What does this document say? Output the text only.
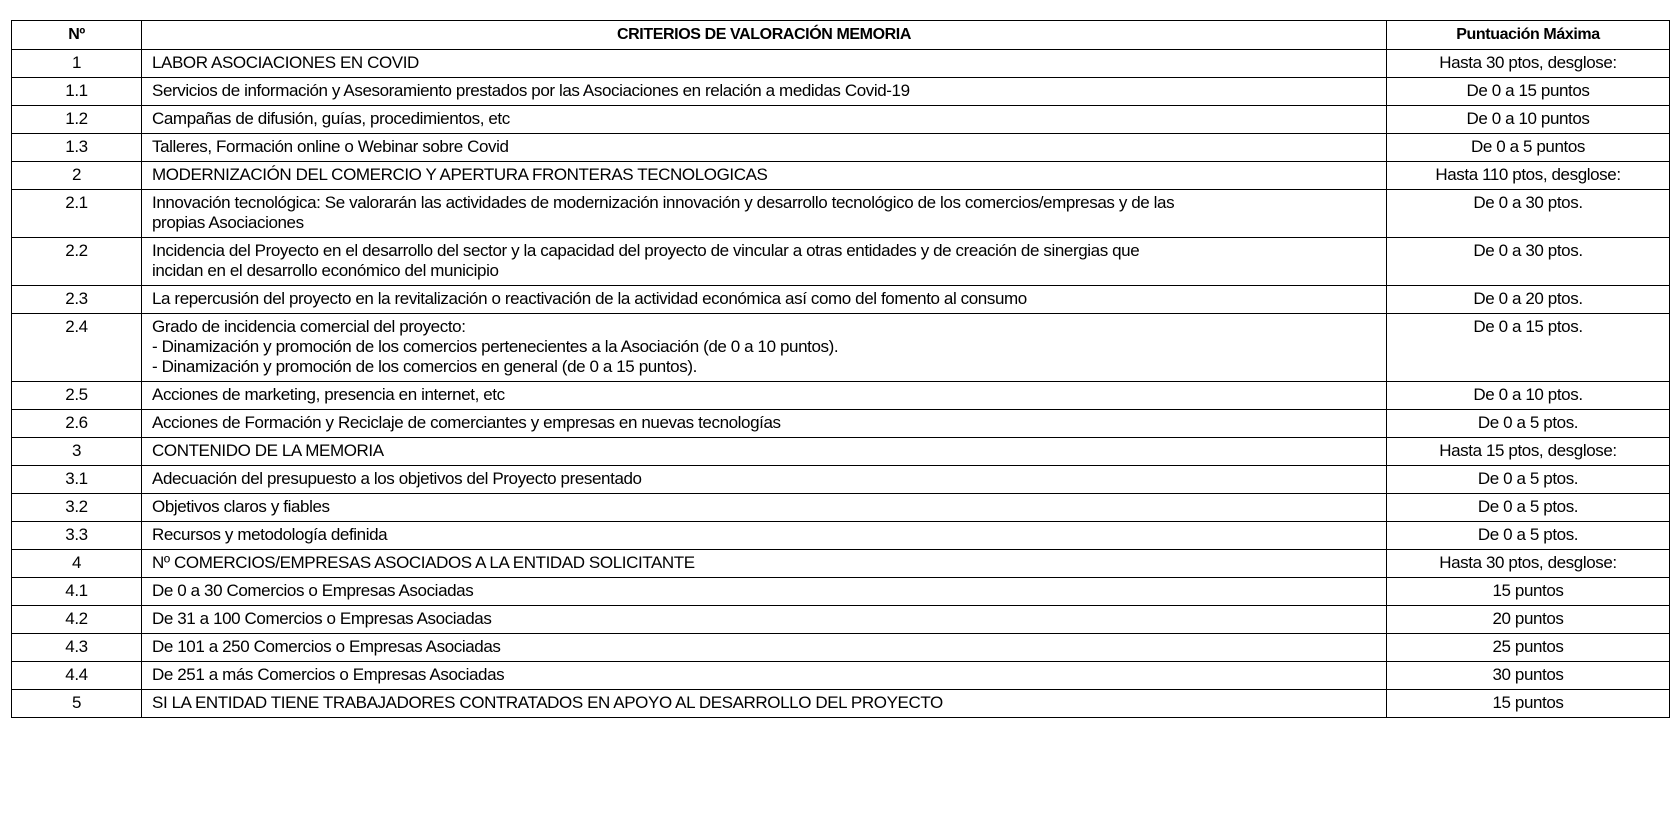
Nº	CRITERIOS DE VALORACIÓN MEMORIA	Puntuación Máxima
1	LABOR ASOCIACIONES EN COVID	Hasta 30 ptos, desglose:
1.1	Servicios de información y Asesoramiento prestados por las Asociaciones en relación a medidas Covid-19	De 0 a 15 puntos
1.2	Campañas de difusión, guías, procedimientos, etc	De 0 a 10 puntos
1.3	Talleres, Formación online o Webinar sobre Covid	De 0 a 5 puntos
2	MODERNIZACIÓN DEL COMERCIO Y APERTURA FRONTERAS TECNOLOGICAS	Hasta 110 ptos, desglose:
2.1	Innovación tecnológica: Se valorarán las actividades de modernización innovación y desarrollo tecnológico de los comercios/empresas y de las
propias Asociaciones	De 0 a 30 ptos.
2.2	Incidencia del Proyecto en el desarrollo del sector y la capacidad del proyecto de vincular a otras entidades y de creación de sinergias que
incidan en el desarrollo económico del municipio	De 0 a 30 ptos.
2.3	La repercusión del proyecto en la revitalización o reactivación de la actividad económica así como del fomento al consumo	De 0 a 20 ptos.
2.4	Grado de incidencia comercial del proyecto:
- Dinamización y promoción de los comercios pertenecientes a la Asociación (de 0 a 10 puntos).
- Dinamización y promoción de los comercios en general (de 0 a 15 puntos).	De 0 a 15 ptos.
2.5	Acciones de marketing, presencia en internet, etc	De 0 a 10 ptos.
2.6	Acciones de Formación y Reciclaje de comerciantes y empresas en nuevas tecnologías	De 0 a 5 ptos.
3	CONTENIDO DE LA MEMORIA	Hasta 15 ptos, desglose:
3.1	Adecuación del presupuesto a los objetivos del Proyecto presentado	De 0 a 5 ptos.
3.2	Objetivos claros y fiables	De 0 a 5 ptos.
3.3	Recursos y metodología definida	De 0 a 5 ptos.
4	Nº COMERCIOS/EMPRESAS ASOCIADOS A LA ENTIDAD SOLICITANTE	Hasta 30 ptos, desglose:
4.1	De 0 a 30 Comercios o Empresas Asociadas	15 puntos
4.2	De 31 a 100 Comercios o Empresas Asociadas	20 puntos
4.3	De 101 a 250 Comercios o Empresas Asociadas	25 puntos
4.4	De 251 a más Comercios o Empresas Asociadas	30 puntos
5	SI LA ENTIDAD TIENE TRABAJADORES CONTRATADOS EN APOYO AL DESARROLLO DEL PROYECTO	15 puntos
